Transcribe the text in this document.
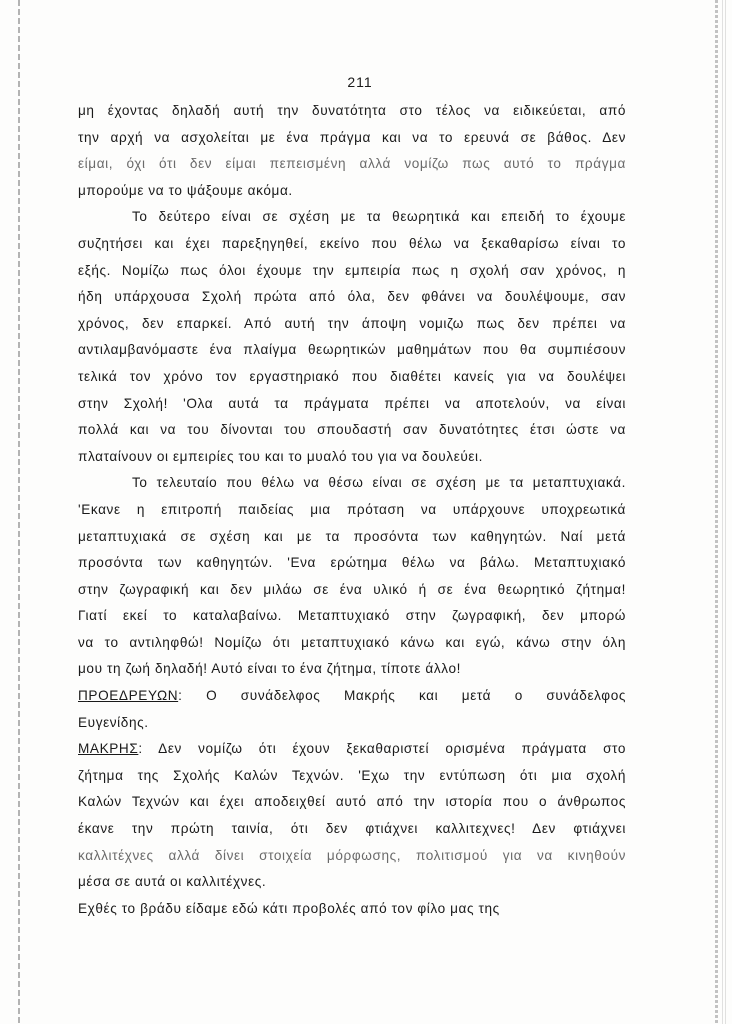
211
μη έχοντας δηλαδή αυτή την δυνατότητα στο τέλος να ειδικεύεται, από
την αρχή να ασχολείται με ένα πράγμα και να το ερευνά σε βάθος. Δεν
είμαι, όχι ότι δεν είμαι πεπεισμένη αλλά νομίζω πως αυτό το πράγμα
μπορούμε να το ψάξουμε ακόμα.
Το δεύτερο είναι σε σχέση με τα θεωρητικά και επειδή το έχουμε
συζητήσει και έχει παρεξηγηθεί, εκείνο που θέλω να ξεκαθαρίσω είναι το
εξής. Νομίζω πως όλοι έχουμε την εμπειρία πως η σχολή σαν χρόνος, η
ήδη υπάρχουσα Σχολή πρώτα από όλα, δεν φθάνει να δουλέψουμε, σαν
χρόνος, δεν επαρκεί. Από αυτή την άποψη νομιζω πως δεν πρέπει να
αντιλαμβανόμαστε ένα πλαίγμα θεωρητικών μαθημάτων που θα συμπιέσουν
τελικά τον χρόνο τον εργαστηριακό που διαθέτει κανείς για να δουλέψει
στην Σχολή! 'Ολα αυτά τα πράγματα πρέπει να αποτελούν, να είναι
πολλά και να του δίνονται του σπουδαστή σαν δυνατότητες έτσι ώστε να
πλαταίνουν οι εμπειρίες του και το μυαλό του για να δουλεύει.
Το τελευταίο που θέλω να θέσω είναι σε σχέση με τα μεταπτυχιακά.
'Εκανε η επιτροπή παιδείας μια πρόταση να υπάρχουνε υποχρεωτικά
μεταπτυχιακά σε σχέση και με τα προσόντα των καθηγητών. Ναί μετά
προσόντα των καθηγητών. 'Ενα ερώτημα θέλω να βάλω. Μεταπτυχιακό
στην ζωγραφική και δεν μιλάω σε ένα υλικό ή σε ένα θεωρητικό ζήτημα!
Γιατί εκεί το καταλαβαίνω. Μεταπτυχιακό στην ζωγραφική, δεν μπορώ
να το αντιληφθώ! Νομίζω ότι μεταπτυχιακό κάνω και εγώ, κάνω στην όλη
μου τη ζωή δηλαδή! Αυτό είναι το ένα ζήτημα, τίποτε άλλο!
ΠΡΟΕΔΡΕΥΩΝ: Ο συνάδελφος Μακρής και μετά ο συνάδελφος
Ευγενίδης.
ΜΑΚΡΗΣ: Δεν νομίζω ότι έχουν ξεκαθαριστεί ορισμένα πράγματα στο
ζήτημα της Σχολής Καλών Τεχνών. 'Εχω την εντύπωση ότι μια σχολή
Καλών Τεχνών και έχει αποδειχθεί αυτό από την ιστορία που ο άνθρωπος
έκανε την πρώτη ταινία, ότι δεν φτιάχνει καλλιτεχνες! Δεν φτιάχνει
καλλιτέχνες αλλά δίνει στοιχεία μόρφωσης, πολιτισμού για να κινηθούν
μέσα σε αυτά οι καλλιτέχνες.
Εχθές το βράδυ είδαμε εδώ κάτι προβολές από τον φίλο μας της
